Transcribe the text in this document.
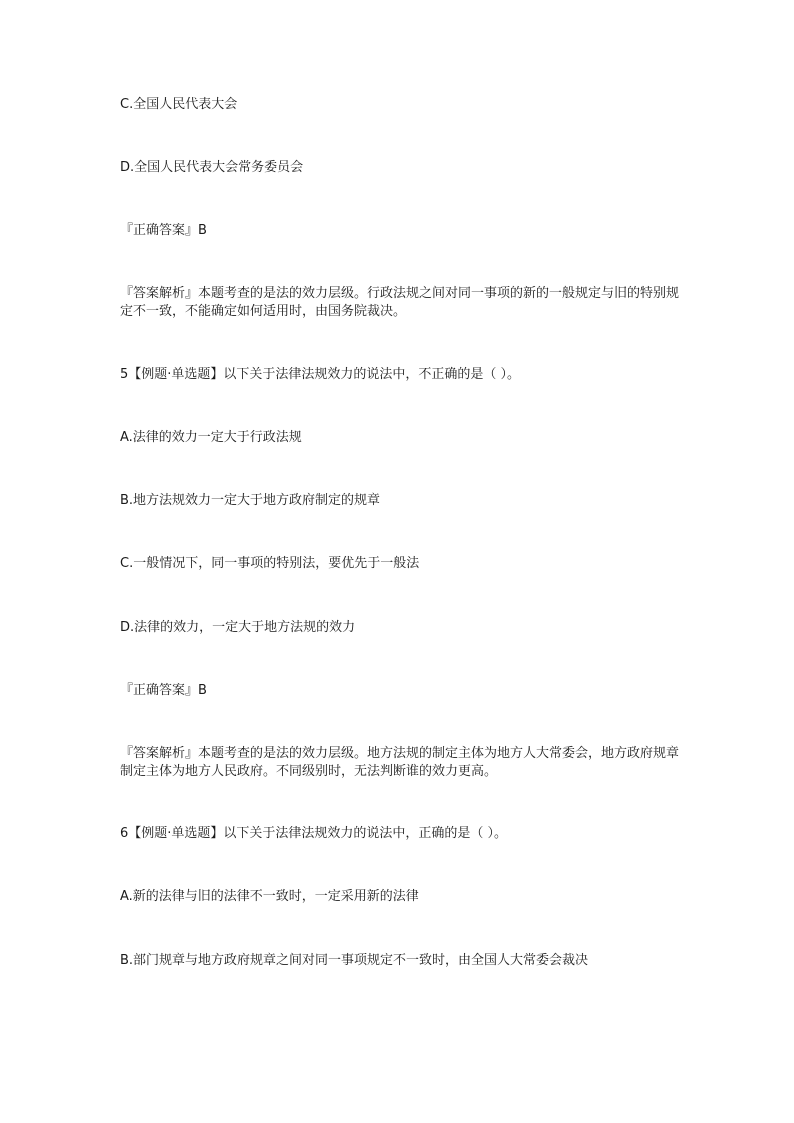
C.全国人民代表大会
D.全国人民代表大会常务委员会
『正确答案』B
『答案解析』本题考查的是法的效力层级。行政法规之间对同一事项的新的一般规定与旧的特别规定不一致，不能确定如何适用时，由国务院裁决。
5【例题·单选题】以下关于法律法规效力的说法中，不正确的是（ ）。
A.法律的效力一定大于行政法规
B.地方法规效力一定大于地方政府制定的规章
C.一般情况下，同一事项的特别法，要优先于一般法
D.法律的效力，一定大于地方法规的效力
『正确答案』B
『答案解析』本题考查的是法的效力层级。地方法规的制定主体为地方人大常委会，地方政府规章制定主体为地方人民政府。不同级别时，无法判断谁的效力更高。
6【例题·单选题】以下关于法律法规效力的说法中，正确的是（ ）。
A.新的法律与旧的法律不一致时，一定采用新的法律
B.部门规章与地方政府规章之间对同一事项规定不一致时，由全国人大常委会裁决
